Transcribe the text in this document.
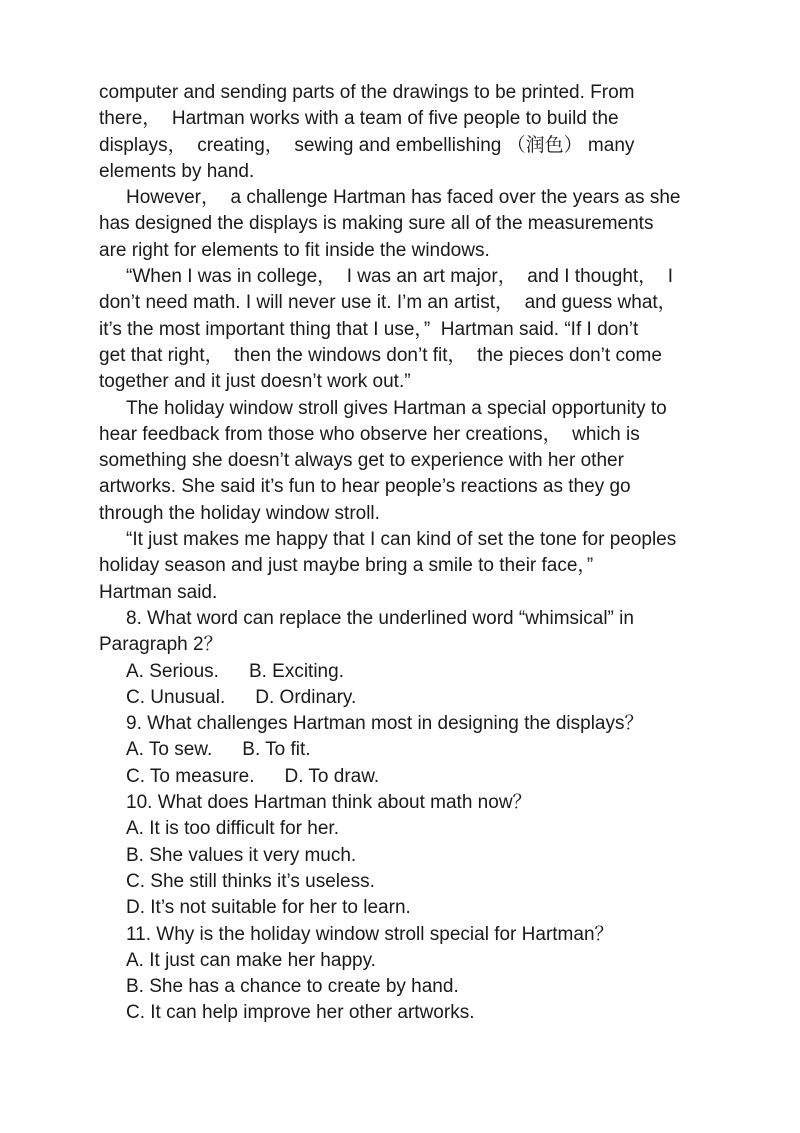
computer and sending parts of the drawings to be printed. From
there，  Hartman works with a team of five people to build the
displays，  creating，  sewing and embellishing （润色） many
elements by hand.
However，  a challenge Hartman has faced over the years as she
has designed the displays is making sure all of the measurements
are right for elements to fit inside the windows.
“When I was in college，  I was an art major，  and I thought，  I
don’t need math. I will never use it. I’m an artist，  and guess what，
it’s the most important thing that I use，”  Hartman said. “If I don’t
get that right，  then the windows don’t fit，  the pieces don’t come
together and it just doesn’t work out.”
The holiday window stroll gives Hartman a special opportunity to
hear feedback from those who observe her creations，  which is
something she doesn’t always get to experience with her other
artworks. She said it’s fun to hear people’s reactions as they go
through the holiday window stroll.
“It just makes me happy that I can kind of set the tone for peoples
holiday season and just maybe bring a smile to their face，”
Hartman said.
8. What word can replace the underlined word “whimsical” in
Paragraph 2？
A. Serious. B. Exciting.
C. Unusual. D. Ordinary.
9. What challenges Hartman most in designing the displays？
A. To sew. B. To fit.
C. To measure. D. To draw.
10. What does Hartman think about math now？
A. It is too difficult for her.
B. She values it very much.
C. She still thinks it’s useless.
D. It’s not suitable for her to learn.
11. Why is the holiday window stroll special for Hartman？
A. It just can make her happy.
B. She has a chance to create by hand.
C. It can help improve her other artworks.
